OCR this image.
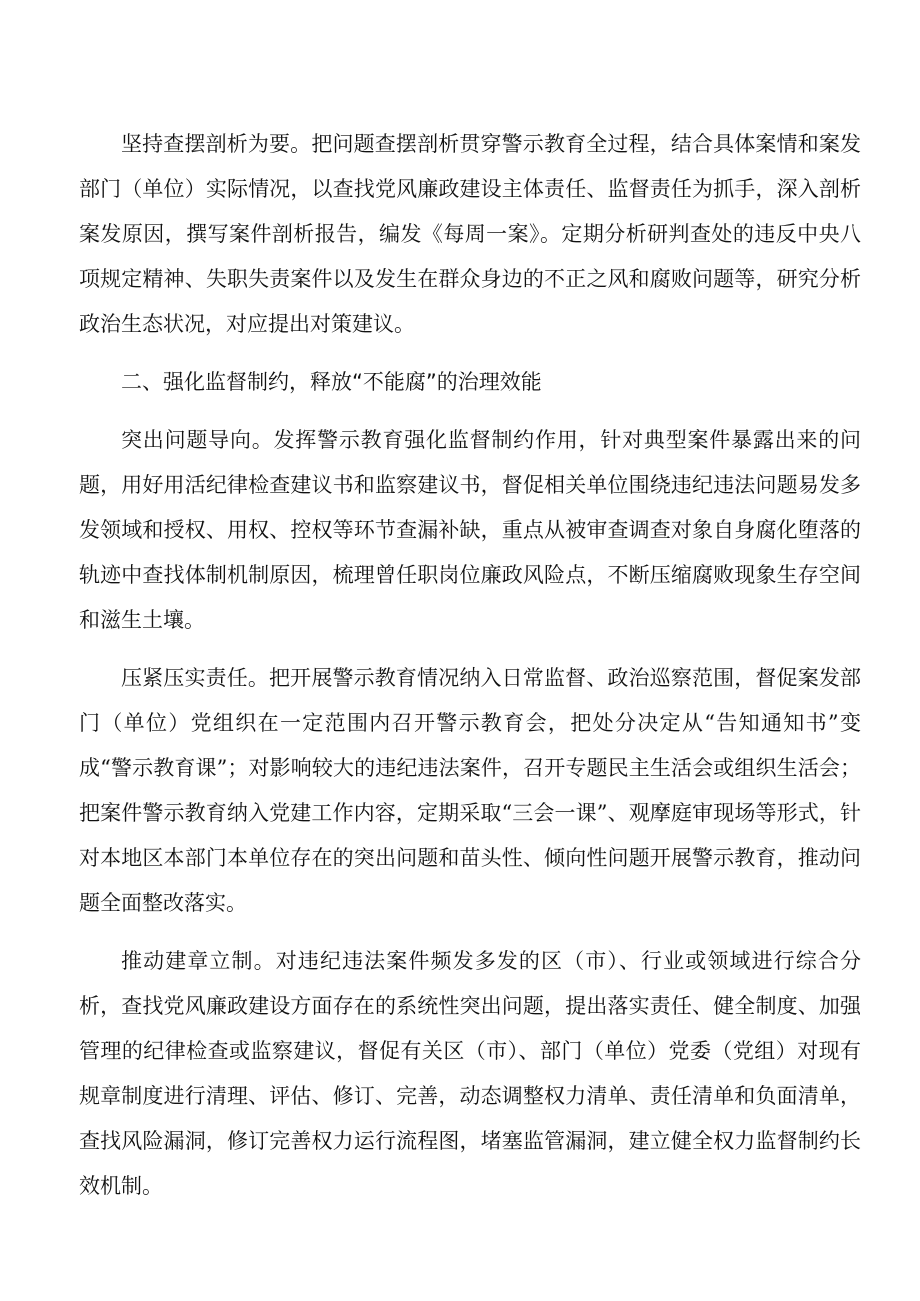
坚持查摆剖析为要。把问题查摆剖析贯穿警示教育全过程，结合具体案情和案发部门（单位）实际情况，以查找党风廉政建设主体责任、监督责任为抓手，深入剖析案发原因，撰写案件剖析报告，编发《每周一案》。定期分析研判查处的违反中央八项规定精神、失职失责案件以及发生在群众身边的不正之风和腐败问题等，研究分析政治生态状况，对应提出对策建议。

二、强化监督制约，释放“不能腐”的治理效能

突出问题导向。发挥警示教育强化监督制约作用，针对典型案件暴露出来的问题，用好用活纪律检查建议书和监察建议书，督促相关单位围绕违纪违法问题易发多发领域和授权、用权、控权等环节查漏补缺，重点从被审查调查对象自身腐化堕落的轨迹中查找体制机制原因，梳理曾任职岗位廉政风险点，不断压缩腐败现象生存空间和滋生土壤。

压紧压实责任。把开展警示教育情况纳入日常监督、政治巡察范围，督促案发部门（单位）党组织在一定范围内召开警示教育会，把处分决定从“告知通知书”变成“警示教育课”；对影响较大的违纪违法案件，召开专题民主生活会或组织生活会；把案件警示教育纳入党建工作内容，定期采取“三会一课”、观摩庭审现场等形式，针对本地区本部门本单位存在的突出问题和苗头性、倾向性问题开展警示教育，推动问题全面整改落实。

推动建章立制。对违纪违法案件频发多发的区（市）、行业或领域进行综合分析，查找党风廉政建设方面存在的系统性突出问题，提出落实责任、健全制度、加强管理的纪律检查或监察建议，督促有关区（市）、部门（单位）党委（党组）对现有规章制度进行清理、评估、修订、完善，动态调整权力清单、责任清单和负面清单，查找风险漏洞，修订完善权力运行流程图，堵塞监管漏洞，建立健全权力监督制约长效机制。
